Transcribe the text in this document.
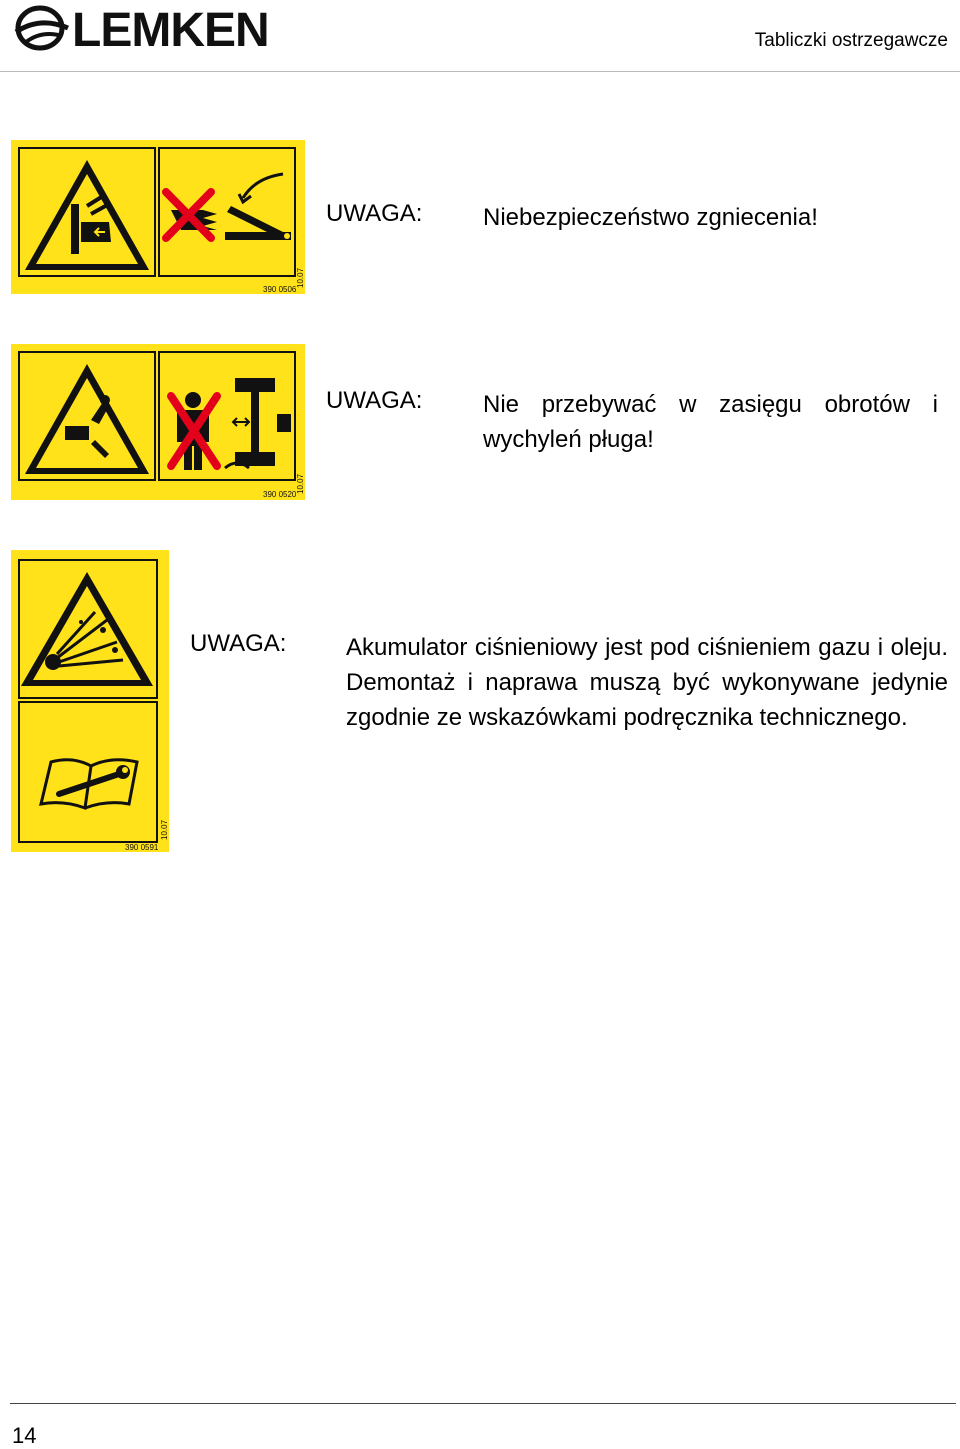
LEMKEN	Tabliczki ostrzegawcze
390 0506
10.07
UWAGA:	Niebezpieczeństwo zgniecenia!
390 0520
10.07
UWAGA:	Nie przebywać w zasięgu obrotów i wychyleń pługa!
390 0591
10.07
UWAGA: Akumulator ciśnieniowy jest pod ciśnieniem gazu i oleju. Demontaż i naprawa muszą być wykonywane jedynie zgodnie ze wskazówkami podręcznika technicznego.
14
